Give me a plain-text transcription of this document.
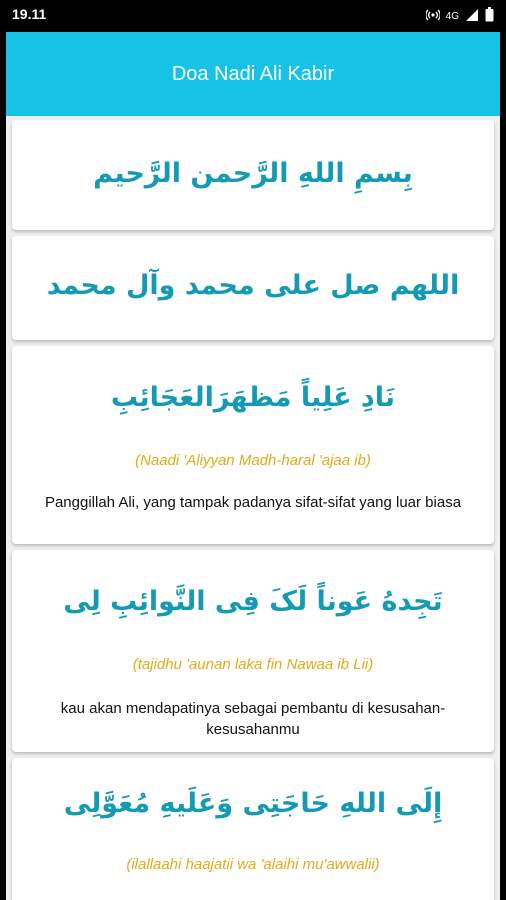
19.11	4G
Doa Nadi Ali Kabir
بِسمِ اللهِ الرَّحمن الرَّحيم
اللهم صل على محمد وآل محمد
نَادِ عَلِياً مَظهَرَالعَجَائِبِ
(Naadi 'Aliyyan Madh-haral 'ajaa ib)
Panggillah Ali, yang tampak padanya sifat-sifat yang luar biasa
تَجِدهُ عَوناً لَکَ فِی النَّوائِبِ لِی
(tajidhu 'aunan laka fin Nawaa ib Lii)
kau akan mendapatinya sebagai pembantu di kesusahan-kesusahanmu
إِلَی اللهِ حَاجَتِی وَعَلَیهِ مُعَوَّلِی
(ilallaahi haajatii wa 'alaihi mu'awwalii)
